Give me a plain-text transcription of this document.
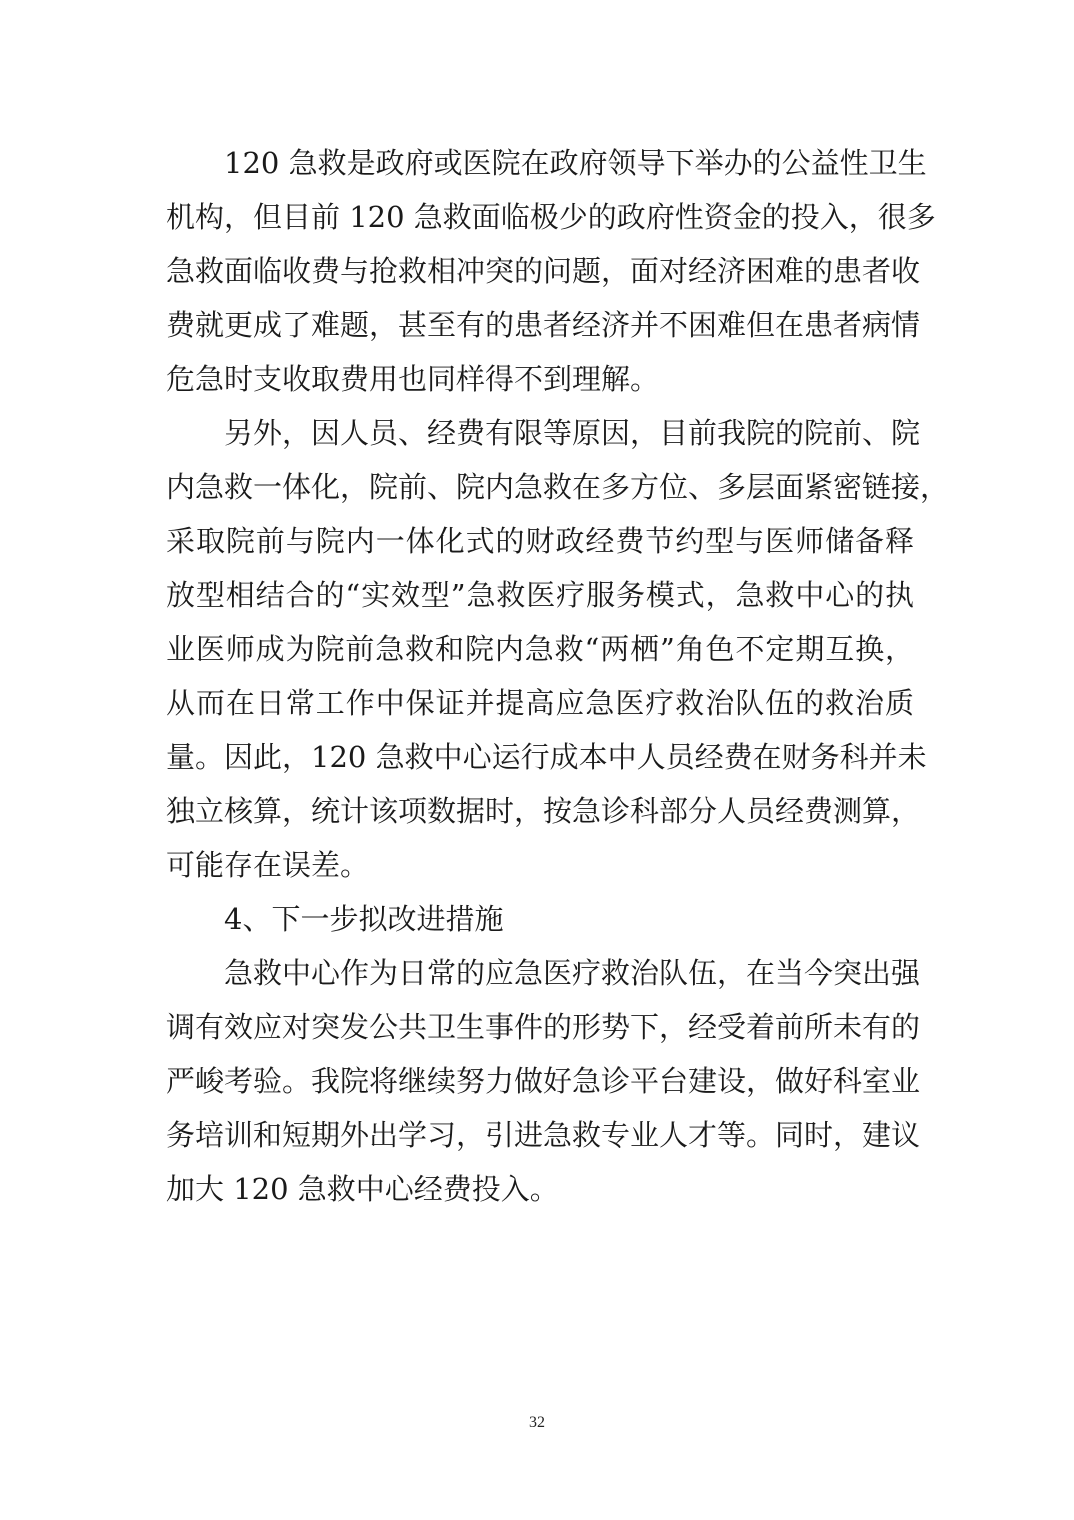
120 急救是政府或医院在政府领导下举办的公益性卫生
机构，但目前 120 急救面临极少的政府性资金的投入，很多
急救面临收费与抢救相冲突的问题，面对经济困难的患者收
费就更成了难题，甚至有的患者经济并不困难但在患者病情
危急时支收取费用也同样得不到理解。
另外，因人员、经费有限等原因，目前我院的院前、院
内急救一体化，院前、院内急救在多方位、多层面紧密链接，
采取院前与院内一体化式的财政经费节约型与医师储备释
放型相结合的“实效型”急救医疗服务模式，急救中心的执
业医师成为院前急救和院内急救“两栖”角色不定期互换，
从而在日常工作中保证并提高应急医疗救治队伍的救治质
量。因此，120 急救中心运行成本中人员经费在财务科并未
独立核算，统计该项数据时，按急诊科部分人员经费测算，
可能存在误差。
4、下一步拟改进措施
急救中心作为日常的应急医疗救治队伍，在当今突出强
调有效应对突发公共卫生事件的形势下，经受着前所未有的
严峻考验。我院将继续努力做好急诊平台建设，做好科室业
务培训和短期外出学习，引进急救专业人才等。同时，建议
加大 120 急救中心经费投入。
32
